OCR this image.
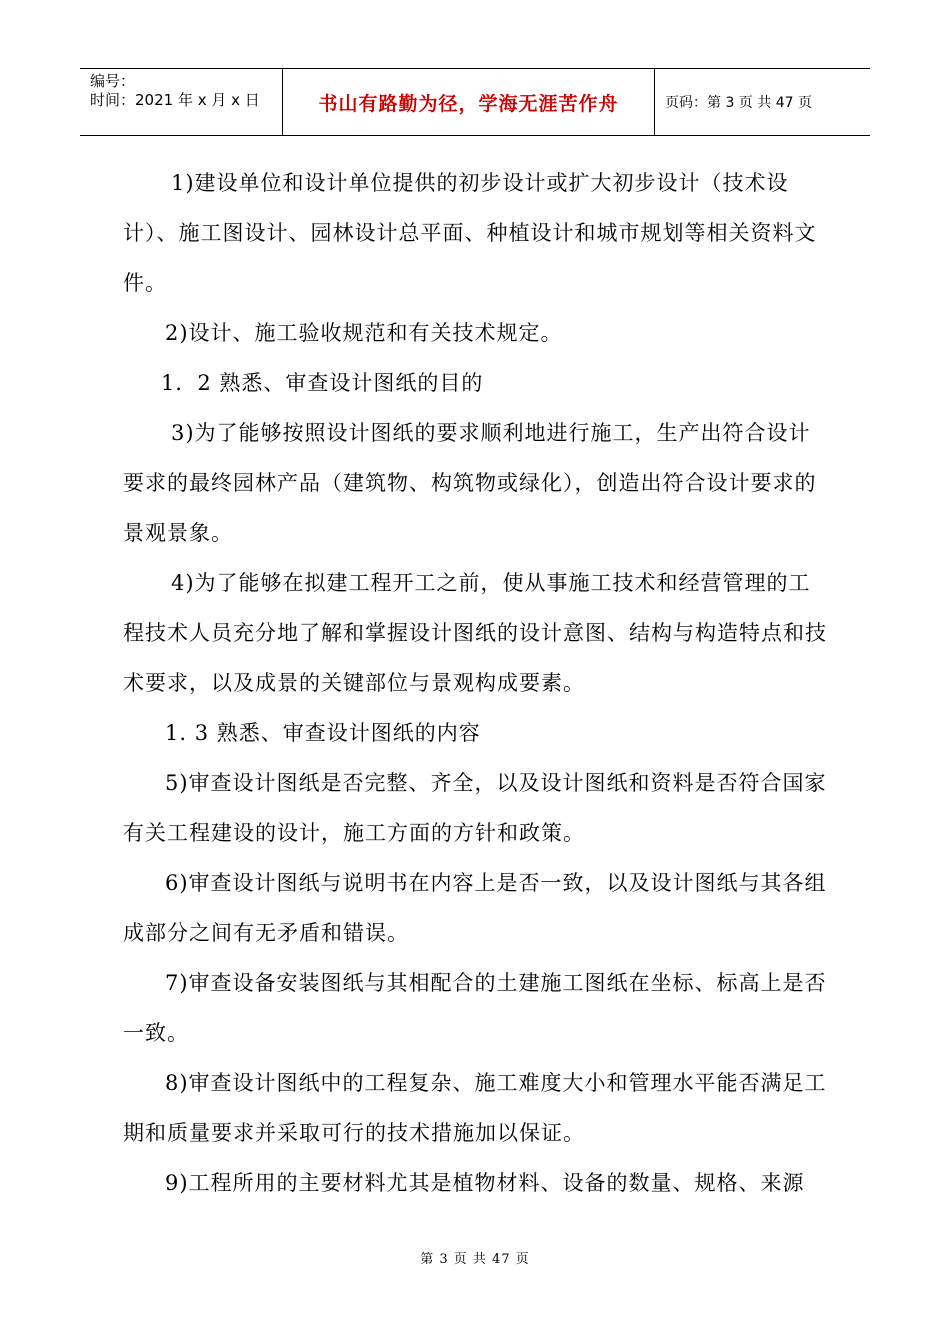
编号：
时间：2021 年 x 月 x 日	书山有路勤为径，学海无涯苦作舟	页码：第 3 页 共 47 页

1)建设单位和设计单位提供的初步设计或扩大初步设计（技术设计）、施工图设计、园林设计总平面、种植设计和城市规划等相关资料文件。

2)设计、施工验收规范和有关技术规定。

1．2 熟悉、审查设计图纸的目的

3)为了能够按照设计图纸的要求顺利地进行施工，生产出符合设计要求的最终园林产品（建筑物、构筑物或绿化），创造出符合设计要求的景观景象。

4)为了能够在拟建工程开工之前，使从事施工技术和经营管理的工程技术人员充分地了解和掌握设计图纸的设计意图、结构与构造特点和技术要求，以及成景的关键部位与景观构成要素。

1. 3 熟悉、审查设计图纸的内容

5)审查设计图纸是否完整、齐全，以及设计图纸和资料是否符合国家有关工程建设的设计，施工方面的方针和政策。

6)审查设计图纸与说明书在内容上是否一致，以及设计图纸与其各组成部分之间有无矛盾和错误。

7)审查设备安装图纸与其相配合的土建施工图纸在坐标、标高上是否一致。

8)审查设计图纸中的工程复杂、施工难度大小和管理水平能否满足工期和质量要求并采取可行的技术措施加以保证。

9)工程所用的主要材料尤其是植物材料、设备的数量、规格、来源

第 3 页 共 47 页
